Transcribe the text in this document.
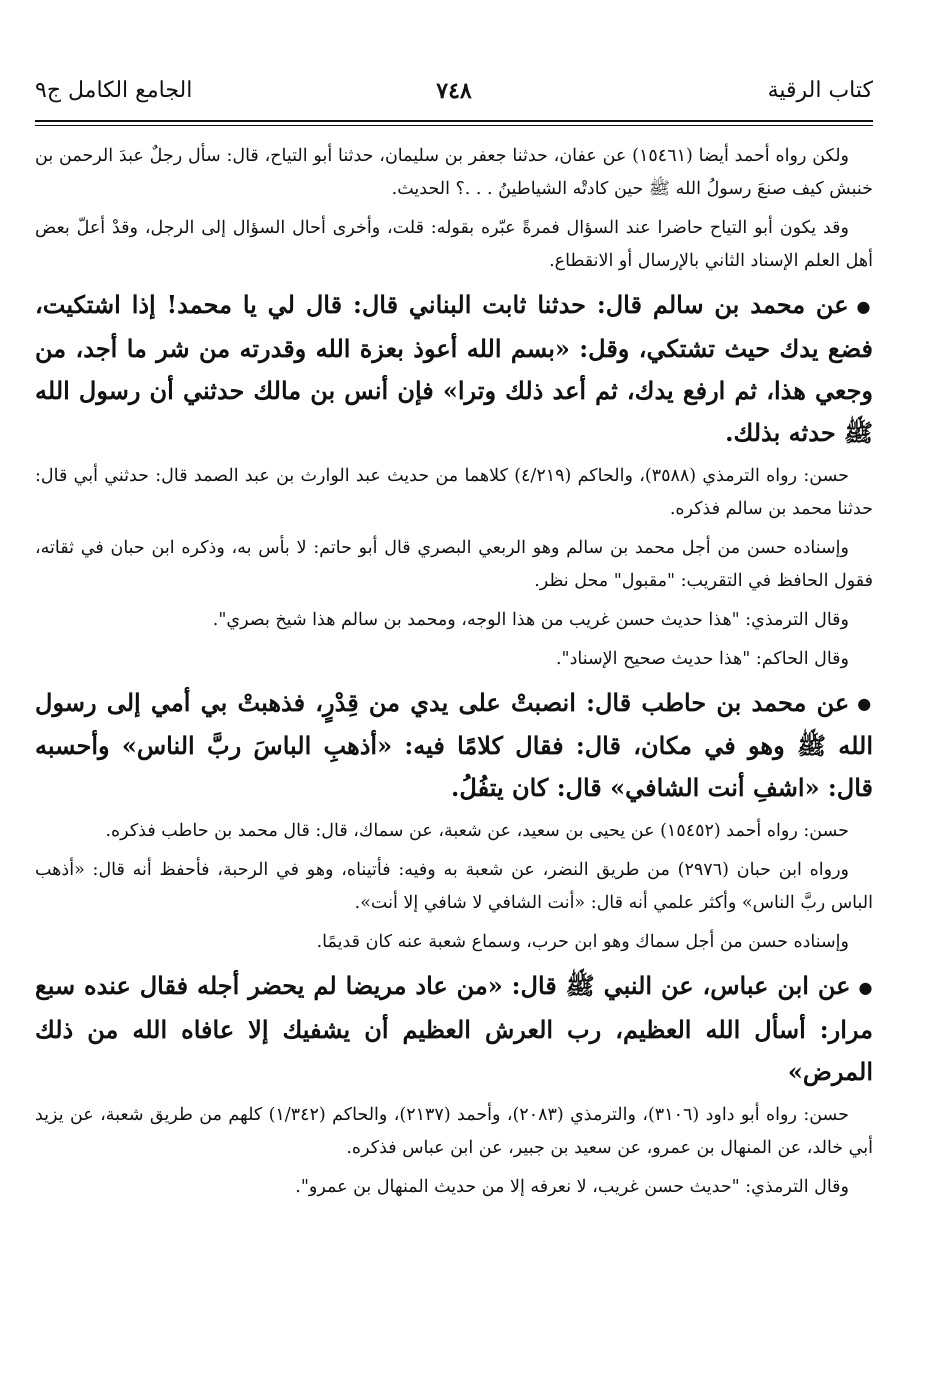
كتاب الرقية
٧٤٨
الجامع الكامل ج٩

ولكن رواه أحمد أيضا (١٥٤٦١) عن عفان، حدثنا جعفر بن سليمان، حدثنا أبو التياح، قال: سأل رجلٌ عبدَ الرحمن بن خنبش كيف صنعَ رسولُ الله ﷺ حين كادتْه الشياطينُ . . .؟ الحديث.

وقد يكون أبو التياح حاضرا عند السؤال فمرةً عبّره بقوله: قلت، وأخرى أحال السؤال إلى الرجل، وقدْ أعلّ بعض أهل العلم الإسناد الثاني بالإرسال أو الانقطاع.

●عن محمد بن سالم قال: حدثنا ثابت البناني قال: قال لي يا محمد! إذا اشتكيت، فضع يدك حيث تشتكي، وقل: «بسم الله أعوذ بعزة الله وقدرته من شر ما أجد، من وجعي هذا، ثم ارفع يدك، ثم أعد ذلك وترا» فإن أنس بن مالك حدثني أن رسول الله ﷺ حدثه بذلك.

حسن: رواه الترمذي (٣٥٨٨)، والحاكم (٤/٢١٩) كلاهما من حديث عبد الوارث بن عبد الصمد قال: حدثني أبي قال: حدثنا محمد بن سالم فذكره.

وإسناده حسن من أجل محمد بن سالم وهو الربعي البصري قال أبو حاتم: لا بأس به، وذكره ابن حبان في ثقاته، فقول الحافظ في التقريب: "مقبول" محل نظر.

وقال الترمذي: "هذا حديث حسن غريب من هذا الوجه، ومحمد بن سالم هذا شيخ بصري".

وقال الحاكم: "هذا حديث صحيح الإسناد".

●عن محمد بن حاطب قال: انصبتْ على يدي من قِدْرٍ، فذهبتْ بي أمي إلى رسول الله ﷺ وهو في مكان، قال: فقال كلامًا فيه: «أذهبِ الباسَ ربَّ الناس» وأحسبه قال: «اشفِ أنت الشافي» قال: كان يتفُلُ.

حسن: رواه أحمد (١٥٤٥٢) عن يحيى بن سعيد، عن شعبة، عن سماك، قال: قال محمد بن حاطب فذكره.

ورواه ابن حبان (٢٩٧٦) من طريق النضر، عن شعبة به وفيه: فأتيناه، وهو في الرحبة، فأحفظ أنه قال: «أذهب الباس ربَّ الناس» وأكثر علمي أنه قال: «أنت الشافي لا شافي إلا أنت».

وإسناده حسن من أجل سماك وهو ابن حرب، وسماع شعبة عنه كان قديمًا.

●عن ابن عباس، عن النبي ﷺ قال: «من عاد مريضا لم يحضر أجله فقال عنده سبع مرار: أسأل الله العظيم، رب العرش العظيم أن يشفيك إلا عافاه الله من ذلك المرض»

حسن: رواه أبو داود (٣١٠٦)، والترمذي (٢٠٨٣)، وأحمد (٢١٣٧)، والحاكم (١/٣٤٢) كلهم من طريق شعبة، عن يزيد أبي خالد، عن المنهال بن عمرو، عن سعيد بن جبير، عن ابن عباس فذكره.

وقال الترمذي: "حديث حسن غريب، لا نعرفه إلا من حديث المنهال بن عمرو".
